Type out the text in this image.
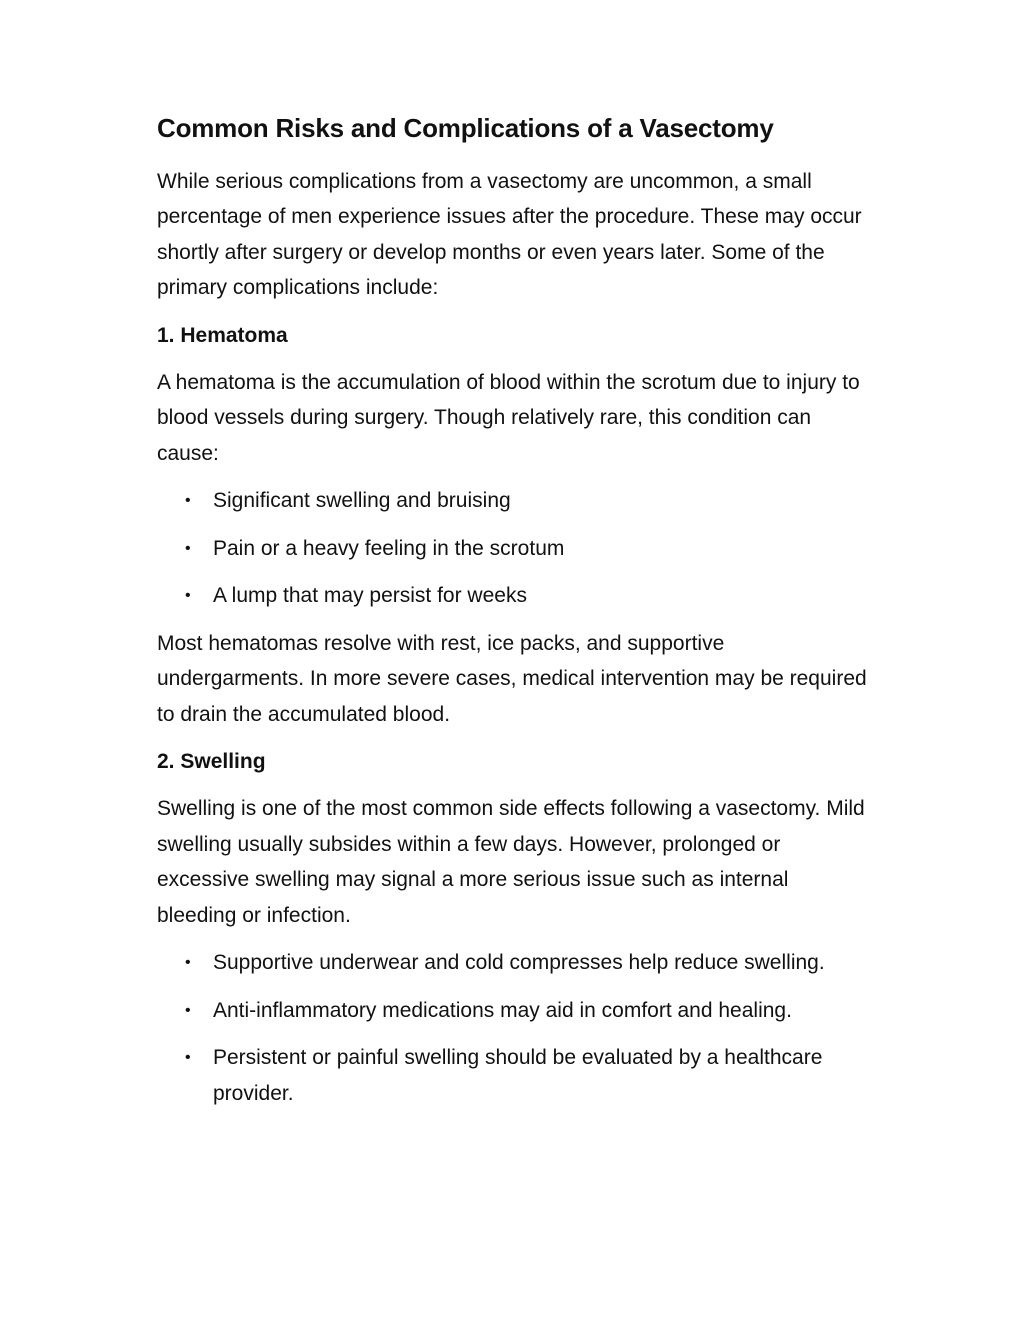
Common Risks and Complications of a Vasectomy

While serious complications from a vasectomy are uncommon, a small percentage of men experience issues after the procedure. These may occur shortly after surgery or develop months or even years later. Some of the primary complications include:

1. Hematoma

A hematoma is the accumulation of blood within the scrotum due to injury to blood vessels during surgery. Though relatively rare, this condition can cause:

• Significant swelling and bruising
• Pain or a heavy feeling in the scrotum
• A lump that may persist for weeks

Most hematomas resolve with rest, ice packs, and supportive undergarments. In more severe cases, medical intervention may be required to drain the accumulated blood.

2. Swelling

Swelling is one of the most common side effects following a vasectomy. Mild swelling usually subsides within a few days. However, prolonged or excessive swelling may signal a more serious issue such as internal bleeding or infection.

• Supportive underwear and cold compresses help reduce swelling.
• Anti-inflammatory medications may aid in comfort and healing.
• Persistent or painful swelling should be evaluated by a healthcare provider.
